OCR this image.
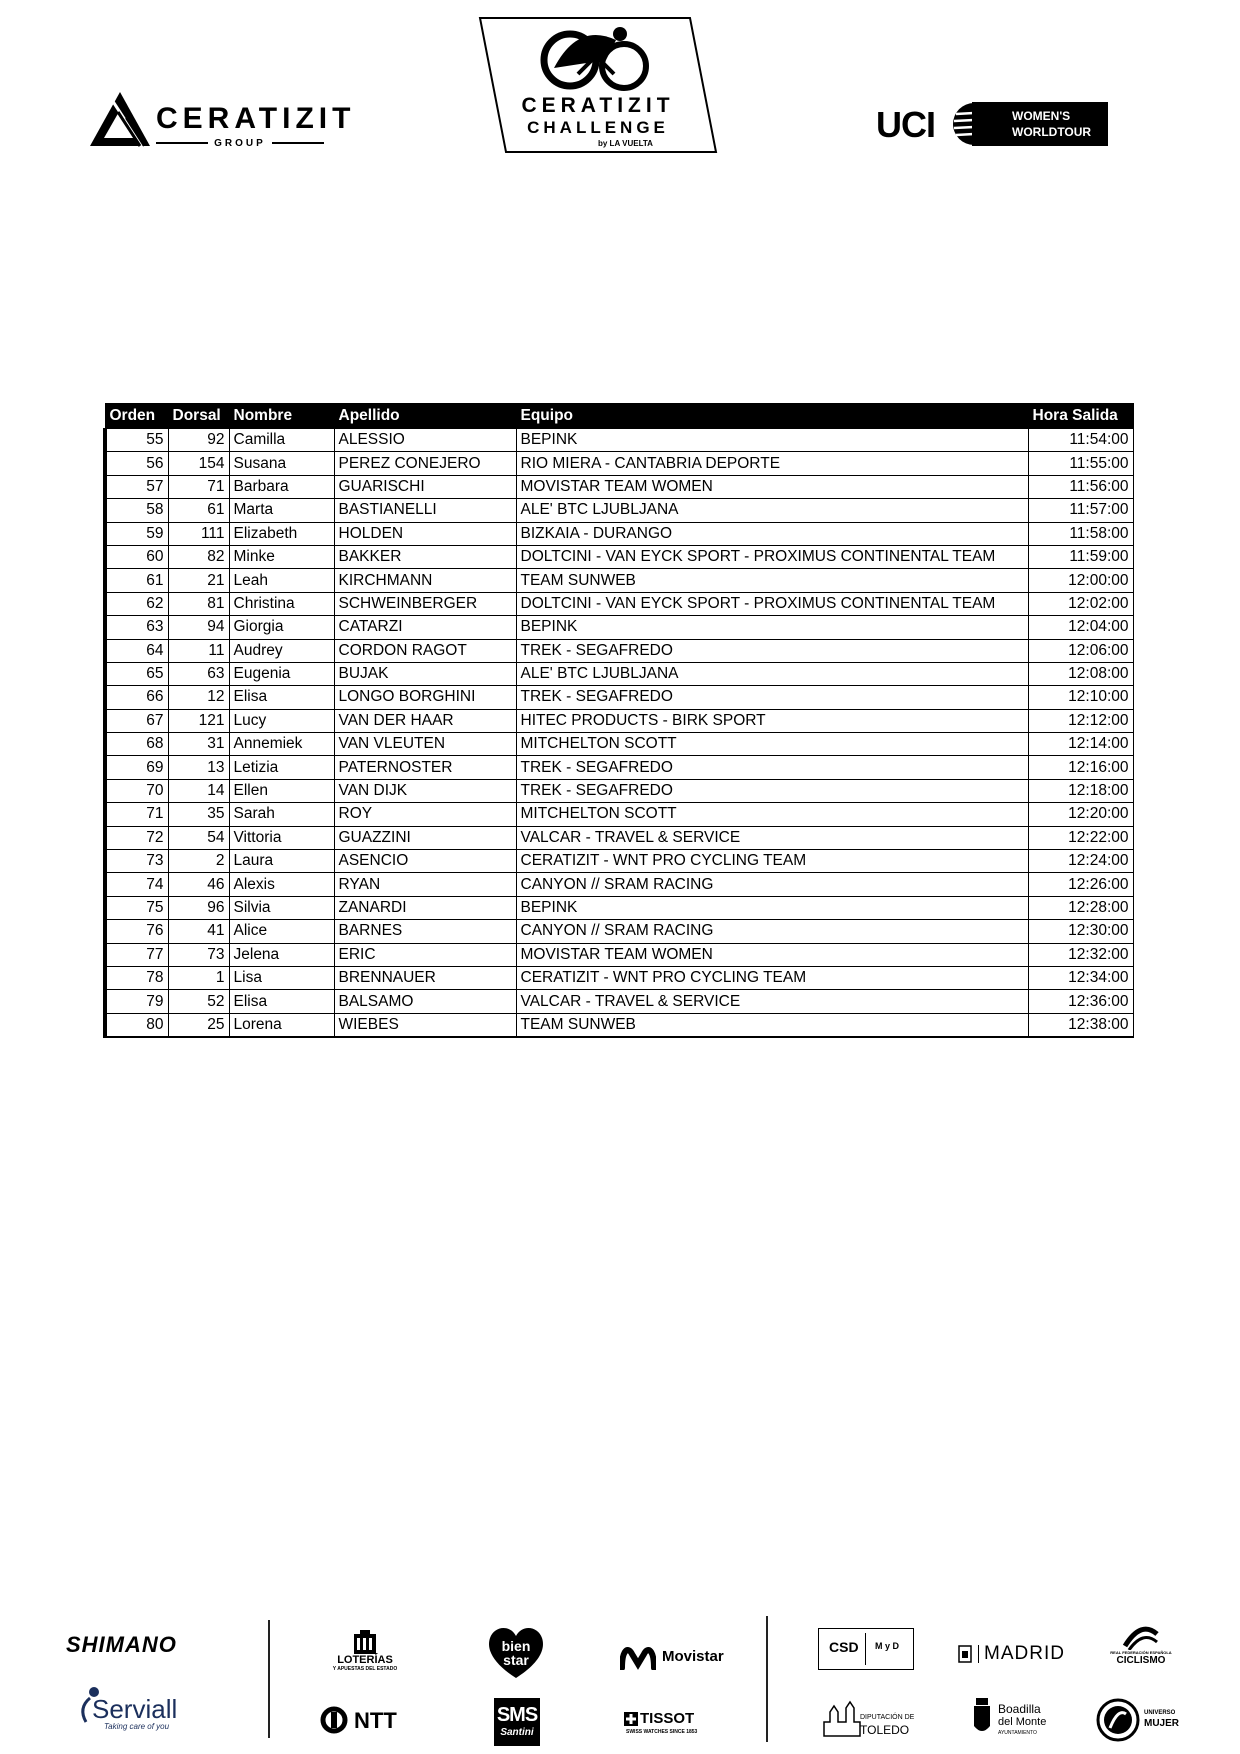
CERATIZIT
GROUP
CERATIZIT
CHALLENGE
by LA VUELTA	UCI	WOMEN'S
WORLDTOUR
Orden	Dorsal	Nombre	Apellido	Equipo	Hora Salida
55	92	Camilla	ALESSIO	BEPINK	11:54:00
56	154	Susana	PEREZ CONEJERO	RIO MIERA - CANTABRIA DEPORTE	11:55:00
57	71	Barbara	GUARISCHI	MOVISTAR TEAM WOMEN	11:56:00
58	61	Marta	BASTIANELLI	ALE' BTC LJUBLJANA	11:57:00
59	111	Elizabeth	HOLDEN	BIZKAIA - DURANGO	11:58:00
60	82	Minke	BAKKER	DOLTCINI - VAN EYCK SPORT - PROXIMUS CONTINENTAL TEAM	11:59:00
61	21	Leah	KIRCHMANN	TEAM SUNWEB	12:00:00
62	81	Christina	SCHWEINBERGER	DOLTCINI - VAN EYCK SPORT - PROXIMUS CONTINENTAL TEAM	12:02:00
63	94	Giorgia	CATARZI	BEPINK	12:04:00
64	11	Audrey	CORDON RAGOT	TREK - SEGAFREDO	12:06:00
65	63	Eugenia	BUJAK	ALE' BTC LJUBLJANA	12:08:00
66	12	Elisa	LONGO BORGHINI	TREK - SEGAFREDO	12:10:00
67	121	Lucy	VAN DER HAAR	HITEC PRODUCTS - BIRK SPORT	12:12:00
68	31	Annemiek	VAN VLEUTEN	MITCHELTON SCOTT	12:14:00
69	13	Letizia	PATERNOSTER	TREK - SEGAFREDO	12:16:00
70	14	Ellen	VAN DIJK	TREK - SEGAFREDO	12:18:00
71	35	Sarah	ROY	MITCHELTON SCOTT	12:20:00
72	54	Vittoria	GUAZZINI	VALCAR - TRAVEL & SERVICE	12:22:00
73	2	Laura	ASENCIO	CERATIZIT - WNT PRO CYCLING TEAM	12:24:00
74	46	Alexis	RYAN	CANYON // SRAM RACING	12:26:00
75	96	Silvia	ZANARDI	BEPINK	12:28:00
76	41	Alice	BARNES	CANYON // SRAM RACING	12:30:00
77	73	Jelena	ERIC	MOVISTAR TEAM WOMEN	12:32:00
78	1	Lisa	BRENNAUER	CERATIZIT - WNT PRO CYCLING TEAM	12:34:00
79	52	Elisa	BALSAMO	VALCAR - TRAVEL & SERVICE	12:36:00
80	25	Lorena	WIEBES	TEAM SUNWEB	12:38:00
SHIMANO
Serviall
Taking care of you
LOTERÍAS
Y APUESTAS DEL ESTADO
NTT
bien
star
SMS
Santini
Movistar
TISSOT
SWISS WATCHES SINCE 1853
CSD M y D
DIPUTACIÓN DE
TOLEDO
MADRID
Boadilla
del Monte
AYUNTAMIENTO
REAL FEDERACIÓN ESPAÑOLA
CICLISMO
UNIVERSO
MUJER
